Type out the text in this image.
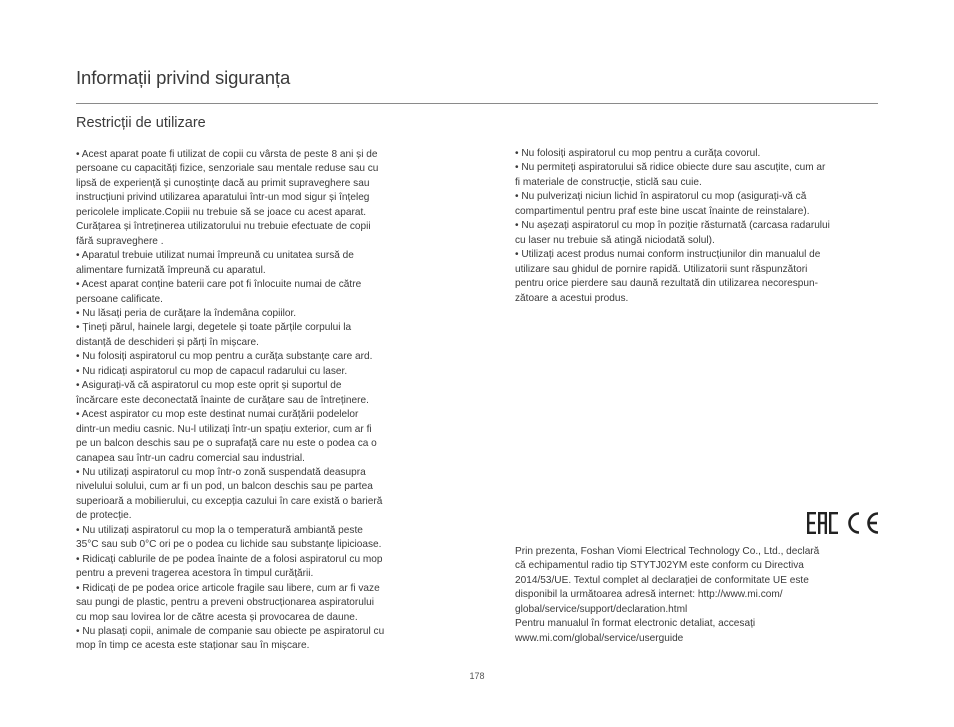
Informații privind siguranța
Restricții de utilizare
• Acest aparat poate fi utilizat de copii cu vârsta de peste 8 ani și de
persoane cu capacități fizice, senzoriale sau mentale reduse sau cu
lipsă de experiență și cunoștințe dacă au primit supraveghere sau
instrucțiuni privind utilizarea aparatului într-un mod sigur și înțeleg
pericolele implicate.Copiii nu trebuie să se joace cu acest aparat.
Curățarea și întreținerea utilizatorului nu trebuie efectuate de copii
fără supraveghere .
• Aparatul trebuie utilizat numai împreună cu unitatea sursă de
alimentare furnizată împreună cu aparatul.
• Acest aparat conține baterii care pot fi înlocuite numai de către
persoane calificate.
• Nu lăsați peria de curățare la îndemâna copiilor.
• Țineți părul, hainele largi, degetele și toate părțile corpului la
distanță de deschideri și părți în mișcare.
• Nu folosiți aspiratorul cu mop pentru a curăța substanțe care ard.
• Nu ridicați aspiratorul cu mop de capacul radarului cu laser.
• Asigurați-vă că aspiratorul cu mop este oprit și suportul de
încărcare este deconectată înainte de curățare sau de întreținere.
• Acest aspirator cu mop este destinat numai curățării podelelor
dintr-un mediu casnic. Nu-l utilizați într-un spațiu exterior, cum ar fi
pe un balcon deschis sau pe o suprafață care nu este o podea ca o
canapea sau într-un cadru comercial sau industrial.
• Nu utilizați aspiratorul cu mop într-o zonă suspendată deasupra
nivelului solului, cum ar fi un pod, un balcon deschis sau pe partea
superioară a mobilierului, cu excepția cazului în care există o barieră
de protecție.
• Nu utilizați aspiratorul cu mop la o temperatură ambiantă peste
35°C sau sub 0°C ori pe o podea cu lichide sau substanțe lipicioase.
• Ridicați cablurile de pe podea înainte de a folosi aspiratorul cu mop
pentru a preveni tragerea acestora în timpul curățării.
• Ridicați de pe podea orice articole fragile sau libere, cum ar fi vaze
sau pungi de plastic, pentru a preveni obstrucționarea aspiratorului
cu mop sau lovirea lor de către acesta și provocarea de daune.
• Nu plasați copii, animale de companie sau obiecte pe aspiratorul cu
mop în timp ce acesta este staționar sau în mișcare.
• Nu folosiți aspiratorul cu mop pentru a curăța covorul.
• Nu permiteți aspiratorului să ridice obiecte dure sau ascuțite, cum ar
fi materiale de construcție, sticlă sau cuie.
• Nu pulverizați niciun lichid în aspiratorul cu mop (asigurați-vă că
compartimentul pentru praf este bine uscat înainte de reinstalare).
• Nu așezați aspiratorul cu mop în poziție răsturnată (carcasa radarului
cu laser nu trebuie să atingă niciodată solul).
• Utilizați acest produs numai conform instrucțiunilor din manualul de
utilizare sau ghidul de pornire rapidă. Utilizatorii sunt răspunzători
pentru orice pierdere sau daună rezultată din utilizarea necorespun-
zătoare a acestui produs.
Prin prezenta, Foshan Viomi Electrical Technology Co., Ltd., declară
că echipamentul radio tip STYTJ02YM este conform cu Directiva
2014/53/UE. Textul complet al declarației de conformitate UE este
disponibil la următoarea adresă internet: http://www.mi.com/
global/service/support/declaration.html
Pentru manualul în format electronic detaliat, accesați
www.mi.com/global/service/userguide
178
